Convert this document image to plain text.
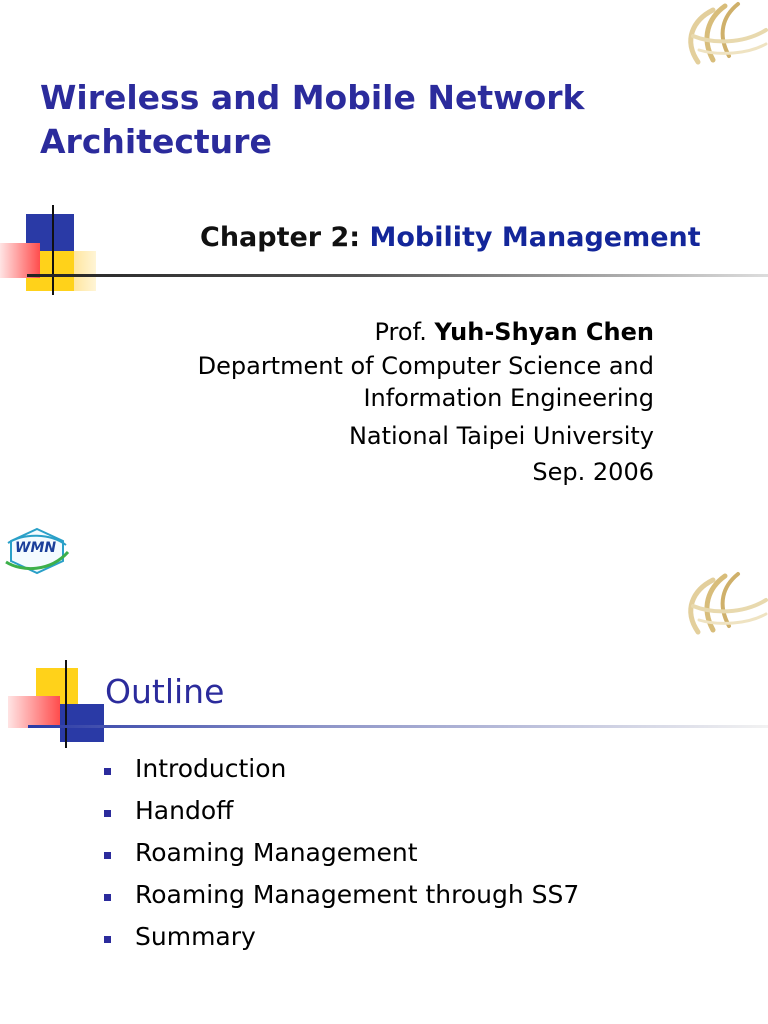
Wireless and Mobile Network Architecture
Chapter 2: Mobility Management
Prof. Yuh-Shyan Chen
Department of Computer Science and
Information Engineering
National Taipei University
Sep. 2006
WMN
Outline
Introduction
Handoff
Roaming Management
Roaming Management through SS7
Summary
